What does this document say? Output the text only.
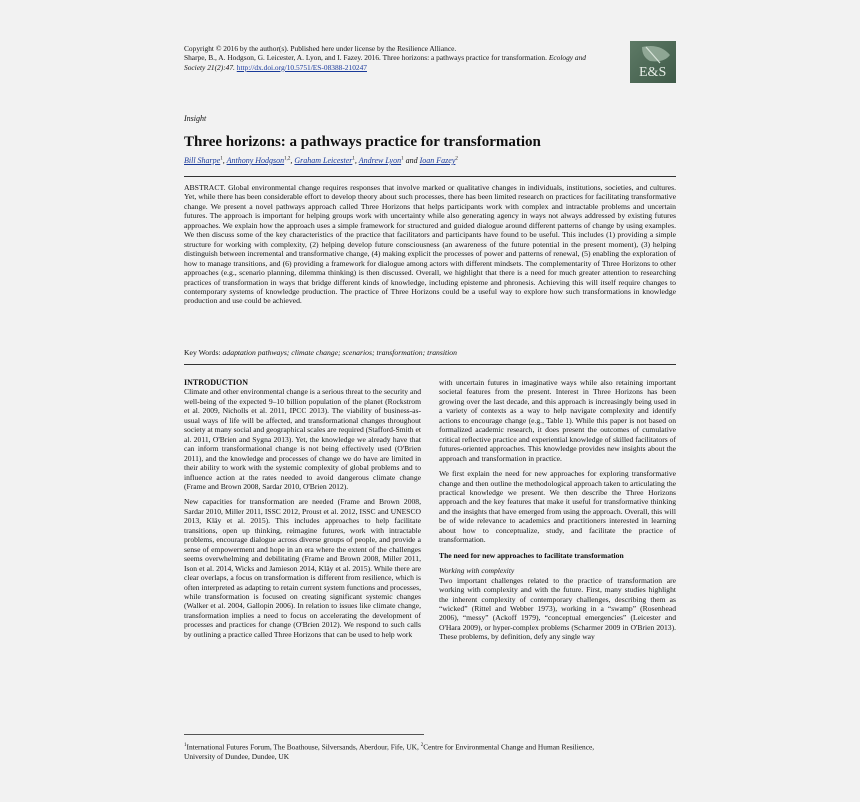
Copyright © 2016 by the author(s). Published here under license by the Resilience Alliance.
Sharpe, B., A. Hodgson, G. Leicester, A. Lyon, and I. Fazey. 2016. Three horizons: a pathways practice for transformation. Ecology and Society 21(2):47. http://dx.doi.org/10.5751/ES-08388-210247	E&S
Insight
Three horizons: a pathways practice for transformation
Bill Sharpe$^1$, Anthony Hodgson$^{1,2}$, Graham Leicester$^1$, Andrew Lyon$^1$ and Ioan Fazey$^2$
ABSTRACT. Global environmental change requires responses that involve marked or qualitative changes in individuals, institutions, societies, and cultures. Yet, while there has been considerable effort to develop theory about such processes, there has been limited research on practices for facilitating transformative change. We present a novel pathways approach called Three Horizons that helps participants work with complex and intractable problems and uncertain futures. The approach is important for helping groups work with uncertainty while also generating agency in ways not always addressed by existing futures approaches. We explain how the approach uses a simple framework for structured and guided dialogue around different patterns of change by using examples. We then discuss some of the key characteristics of the practice that facilitators and participants have found to be useful. This includes (1) providing a simple structure for working with complexity, (2) helping develop future consciousness (an awareness of the future potential in the present moment), (3) helping distinguish between incremental and transformative change, (4) making explicit the processes of power and patterns of renewal, (5) enabling the exploration of how to manage transitions, and (6) providing a framework for dialogue among actors with different mindsets. The complementarity of Three Horizons to other approaches (e.g., scenario planning, dilemma thinking) is then discussed. Overall, we highlight that there is a need for much greater attention to researching practices of transformation in ways that bridge different kinds of knowledge, including episteme and phronesis. Achieving this will itself require changes to contemporary systems of knowledge production. The practice of Three Horizons could be a useful way to explore how such transformations in knowledge production and use could be achieved.
Key Words: adaptation pathways; climate change; scenarios; transformation; transition
INTRODUCTION

Climate and other environmental change is a serious threat to the security and well-being of the expected 9–10 billion population of the planet (Rockstrom et al. 2009, Nicholls et al. 2011, IPCC 2013). The viability of business-as-usual ways of life will be affected, and transformational changes throughout society at many social and geographical scales are required (Stafford-Smith et al. 2011, O'Brien and Sygna 2013). Yet, the knowledge we already have that can inform transformational change is not being effectively used (O'Brien 2011), and the knowledge and processes of change we do have are limited in their ability to work with the systemic complexity of global problems and to influence action at the rates needed to avoid dangerous climate change (Frame and Brown 2008, Sardar 2010, O'Brien 2012).

New capacities for transformation are needed (Frame and Brown 2008, Sardar 2010, Miller 2011, ISSC 2012, Proust et al. 2012, ISSC and UNESCO 2013, Kläy et al. 2015). This includes approaches to help facilitate transitions, open up thinking, reimagine futures, work with intractable problems, encourage dialogue across diverse groups of people, and provide a sense of empowerment and hope in an era where the extent of the challenges seems overwhelming and debilitating (Frame and Brown 2008, Miller 2011, Ison et al. 2014, Wicks and Jamieson 2014, Kläy et al. 2015). While there are clear overlaps, a focus on transformation is different from resilience, which is often interpreted as adapting to retain current system functions and processes, while transformation is focused on creating significant systemic changes (Walker et al. 2004, Gallopin 2006). In relation to issues like climate change, transformation implies a need to focus on accelerating the development of processes and practices for change (O'Brien 2012). We respond to such calls by outlining a practice called Three Horizons that can be used to help work

with uncertain futures in imaginative ways while also retaining important societal features from the present. Interest in Three Horizons has been growing over the last decade, and this approach is increasingly being used in a variety of contexts as a way to help navigate complexity and identify actions to encourage change (e.g., Table 1). While this paper is not based on formalized academic research, it does present the outcomes of cumulative critical reflective practice and experiential knowledge of skilled facilitators of futures-oriented approaches. This knowledge provides new insights about the approach and transformation in practice.

We first explain the need for new approaches for exploring transformative change and then outline the methodological approach taken to articulating the practical knowledge we present. We then describe the Three Horizons approach and the key features that make it useful for transformative thinking and the insights that have emerged from using the approach. Overall, this will be of wide relevance to academics and practitioners interested in learning about how to conceptualize, study, and facilitate the practice of transformation.

The need for new approaches to facilitate transformation
Working with complexity

Two important challenges related to the practice of transformation are working with complexity and with the future. First, many studies highlight the inherent complexity of contemporary challenges, describing them as “wicked” (Rittel and Webber 1973), working in a “swamp” (Rosenhead 2006), “messy” (Ackoff 1979), “conceptual emergencies” (Leicester and O'Hara 2009), or hyper-complex problems (Scharmer 2009 in O'Brien 2013). These problems, by definition, defy any single way

$^1$International Futures Forum, The Boathouse, Silversands, Aberdour, Fife, UK, $^2$Centre for Environmental Change and Human Resilience,
University of Dundee, Dundee, UK
